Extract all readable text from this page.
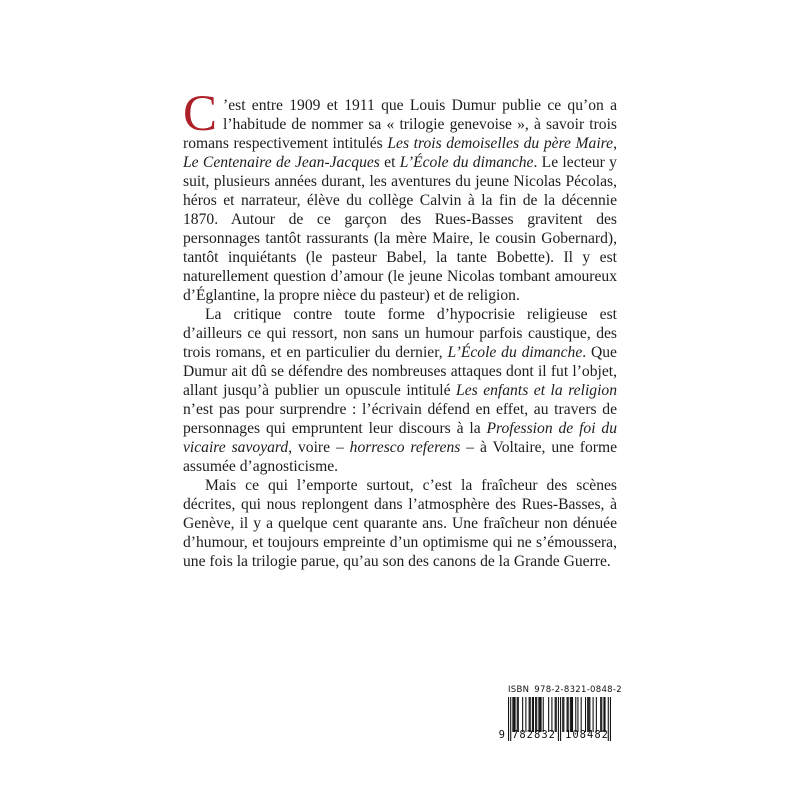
C ’est entre 1909 et 1911 que Louis Dumur publie ce qu’on a l’habitude de nommer sa « trilogie genevoise », à savoir trois romans respectivement intitulés Les trois demoiselles du père Maire, Le Centenaire de Jean-Jacques et L’École du dimanche. Le lecteur y suit, plusieurs années durant, les aventures du jeune Nicolas Pécolas, héros et narrateur, élève du collège Calvin à la fin de la décennie 1870. Autour de ce garçon des Rues-Basses gravitent des personnages tantôt rassurants (la mère Maire, le cousin Gobernard), tantôt inquiétants (le pasteur Babel, la tante Bobette). Il y est naturellement question d’amour (le jeune Nicolas tombant amoureux d’Églantine, la propre nièce du pasteur) et de religion.

La critique contre toute forme d’hypocrisie religieuse est d’ailleurs ce qui ressort, non sans un humour parfois caustique, des trois romans, et en particulier du dernier, L’École du dimanche. Que Dumur ait dû se défendre des nombreuses attaques dont il fut l’objet, allant jusqu’à publier un opuscule intitulé Les enfants et la religion n’est pas pour surprendre : l’écrivain défend en effet, au travers de personnages qui empruntent leur discours à la Profession de foi du vicaire savoyard, voire – horresco referens – à Voltaire, une forme assumée d’agnosticisme.

Mais ce qui l’emporte surtout, c’est la fraîcheur des scènes décrites, qui nous replongent dans l’atmosphère des Rues-Basses, à Genève, il y a quelque cent quarante ans. Une fraîcheur non dénuée d’humour, et toujours empreinte d’un optimisme qui ne s’émoussera, une fois la trilogie parue, qu’au son des canons de la Grande Guerre.

ISBN 978-2-8321-0848-2
9 782832 108482
